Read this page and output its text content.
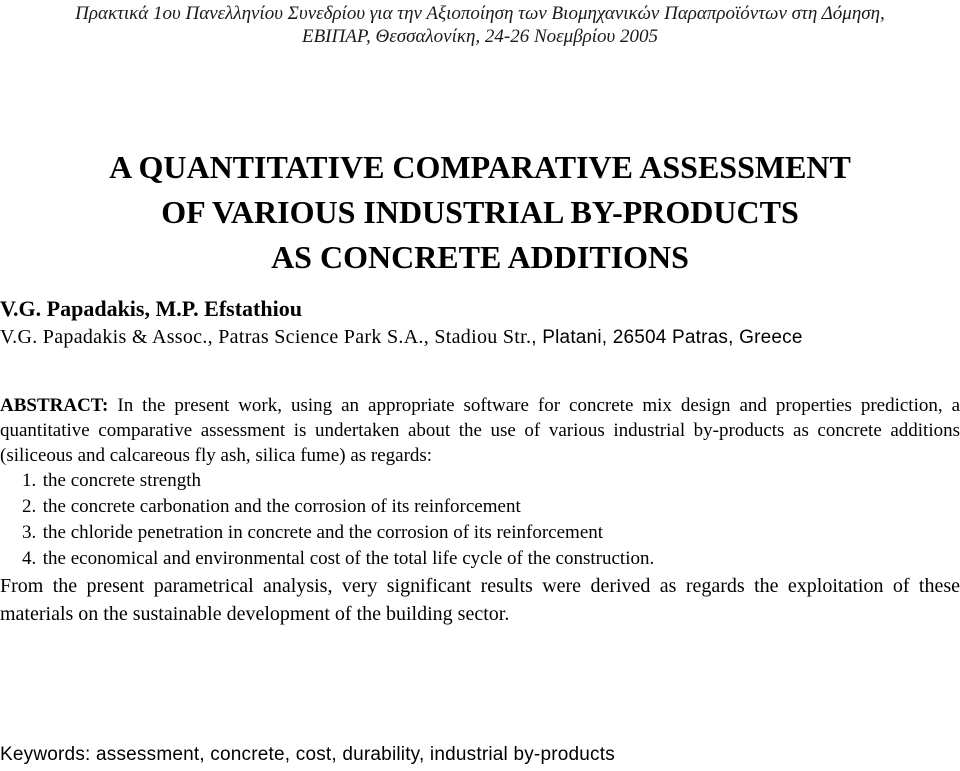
Πρακτικά 1ου Πανελληνίου Συνεδρίου για την Αξιοποίηση των Βιομηχανικών Παραπροϊόντων στη Δόμηση,
ΕΒΙΠΑΡ, Θεσσαλονίκη, 24-26 Νοεμβρίου 2005
A QUANTITATIVE COMPARATIVE ASSESSMENT
OF VARIOUS INDUSTRIAL BY-PRODUCTS
AS CONCRETE ADDITIONS
V.G. Papadakis, M.P. Efstathiou
V.G. Papadakis & Assoc., Patras Science Park S.A., Stadiou Str., Platani, 26504 Patras, Greece

ABSTRACT: In the present work, using an appropriate software for concrete mix design and properties prediction, a quantitative comparative assessment is undertaken about the use of various industrial by-products as concrete additions (siliceous and calcareous fly ash, silica fume) as regards:

1. the concrete strength
2. the concrete carbonation and the corrosion of its reinforcement
3. the chloride penetration in concrete and the corrosion of its reinforcement
4. the economical and environmental cost of the total life cycle of the construction.

From the present parametrical analysis, very significant results were derived as regards the exploitation of these materials on the sustainable development of the building sector.

Keywords: assessment, concrete, cost, durability, industrial by-products
